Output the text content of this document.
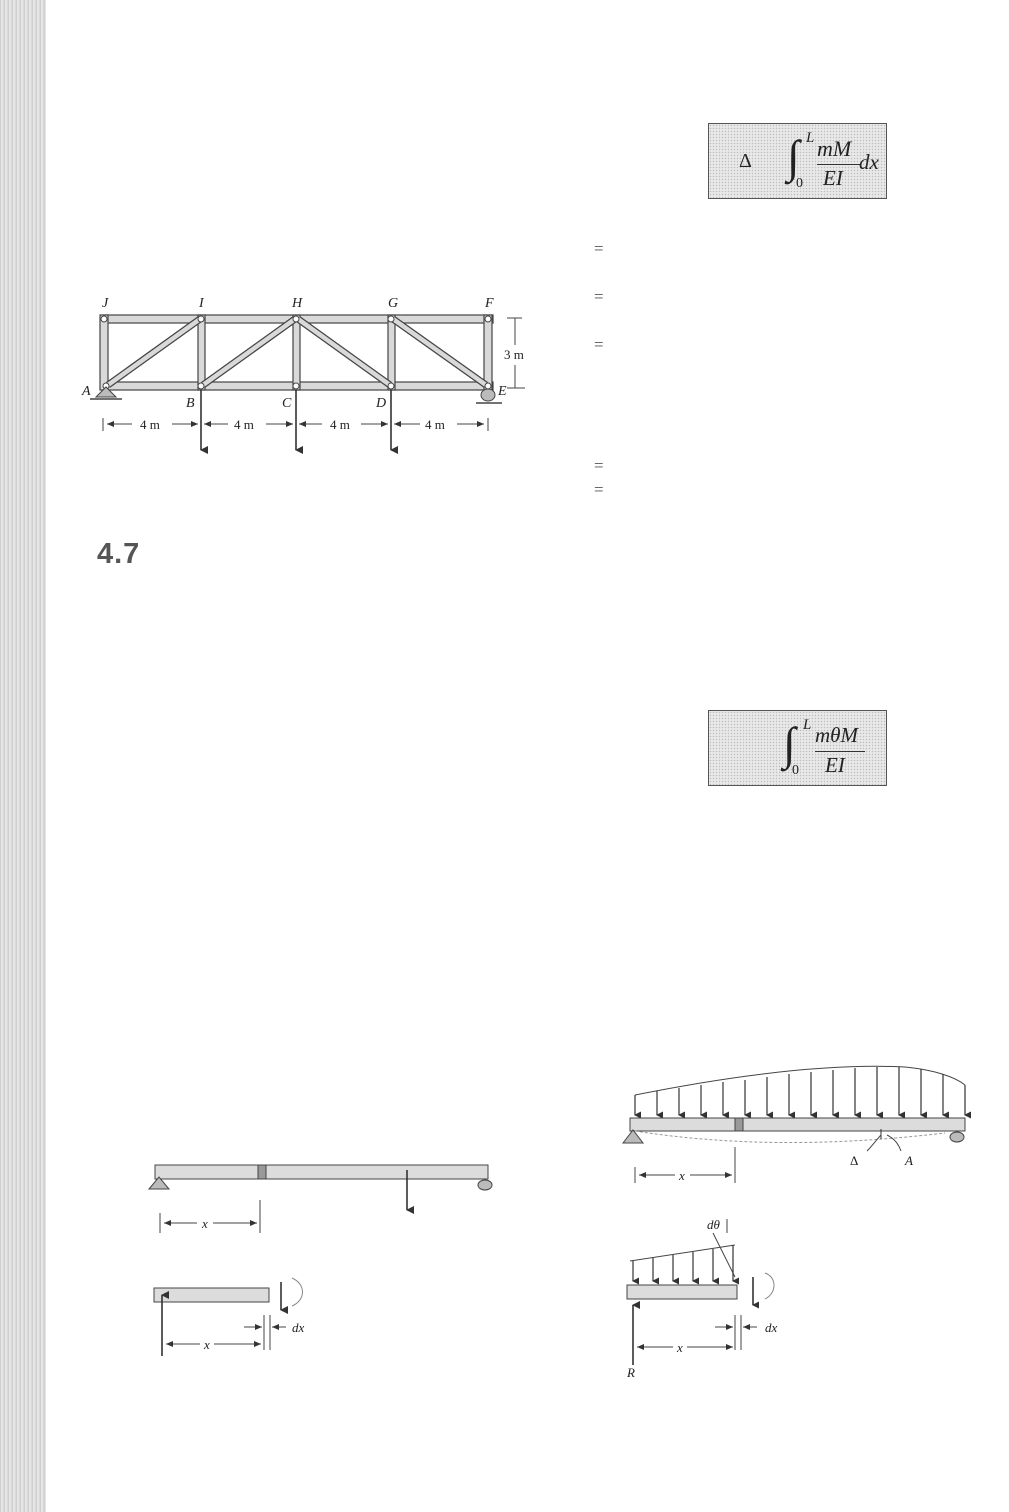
Δ ∫ L
0
mM
EI
dx
=
=
=
=
=
3 m
4 m	4 m	4 m	4 m
J	I	H	G	F
A
B	C	D
E
4.7
∫ L
0
mθM
EI
Δ	A
x
dθ
dx
x
R
x
dx
x
